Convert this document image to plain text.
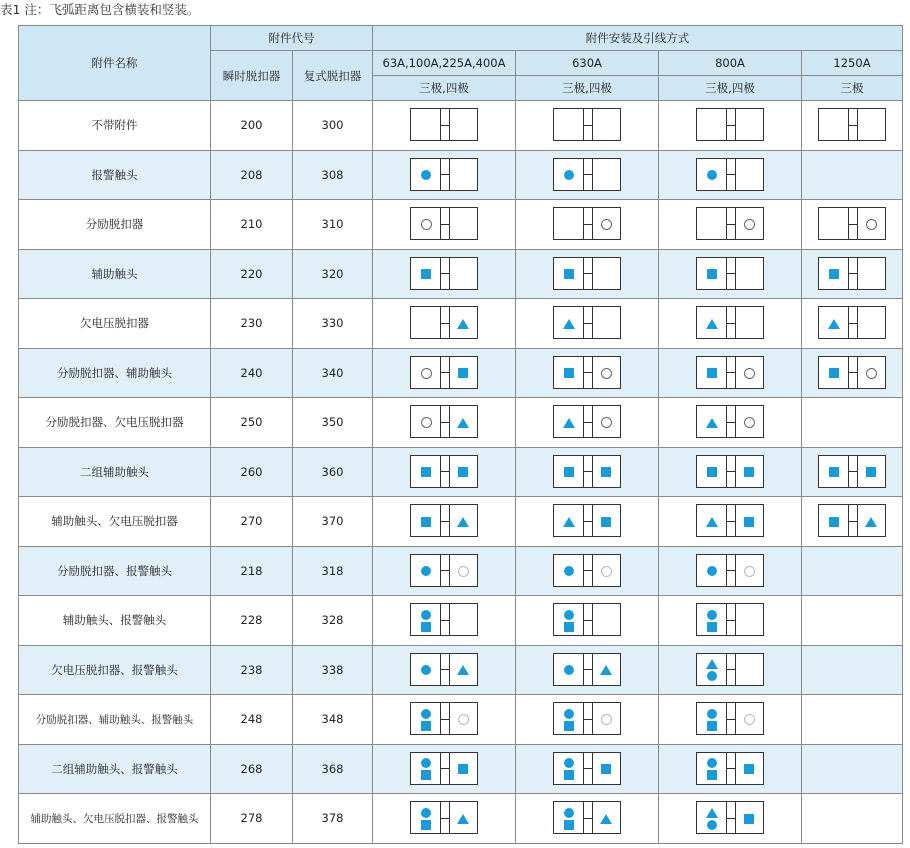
表1 注：飞弧距离包含横装和竖装。
附件名称	附件代号		附件安装及引线方式			
	瞬时脱扣器	复式脱扣器	63A,100A,225A,400A	630A	800A	1250A
			三极,四极	三极,四极	三极,四极	三极
不带附件	200	300	

报警触头	208	308	

分励脱扣器	210	310	

辅助触头	220	320	

欠电压脱扣器	230	330	

分励脱扣器、辅助触头	240	340	

分励脱扣器、欠电压脱扣器	250	350	

二组辅助触头	260	360	

辅助触头、欠电压脱扣器	270	370	

分励脱扣器、报警触头	218	318	

辅助触头、报警触头	228	328	

欠电压脱扣器、报警触头	238	338	

分励脱扣器、辅助触头、报警触头	248	348	

二组辅助触头、报警触头	268	368	

辅助触头、欠电压脱扣器、报警触头	278	378	
